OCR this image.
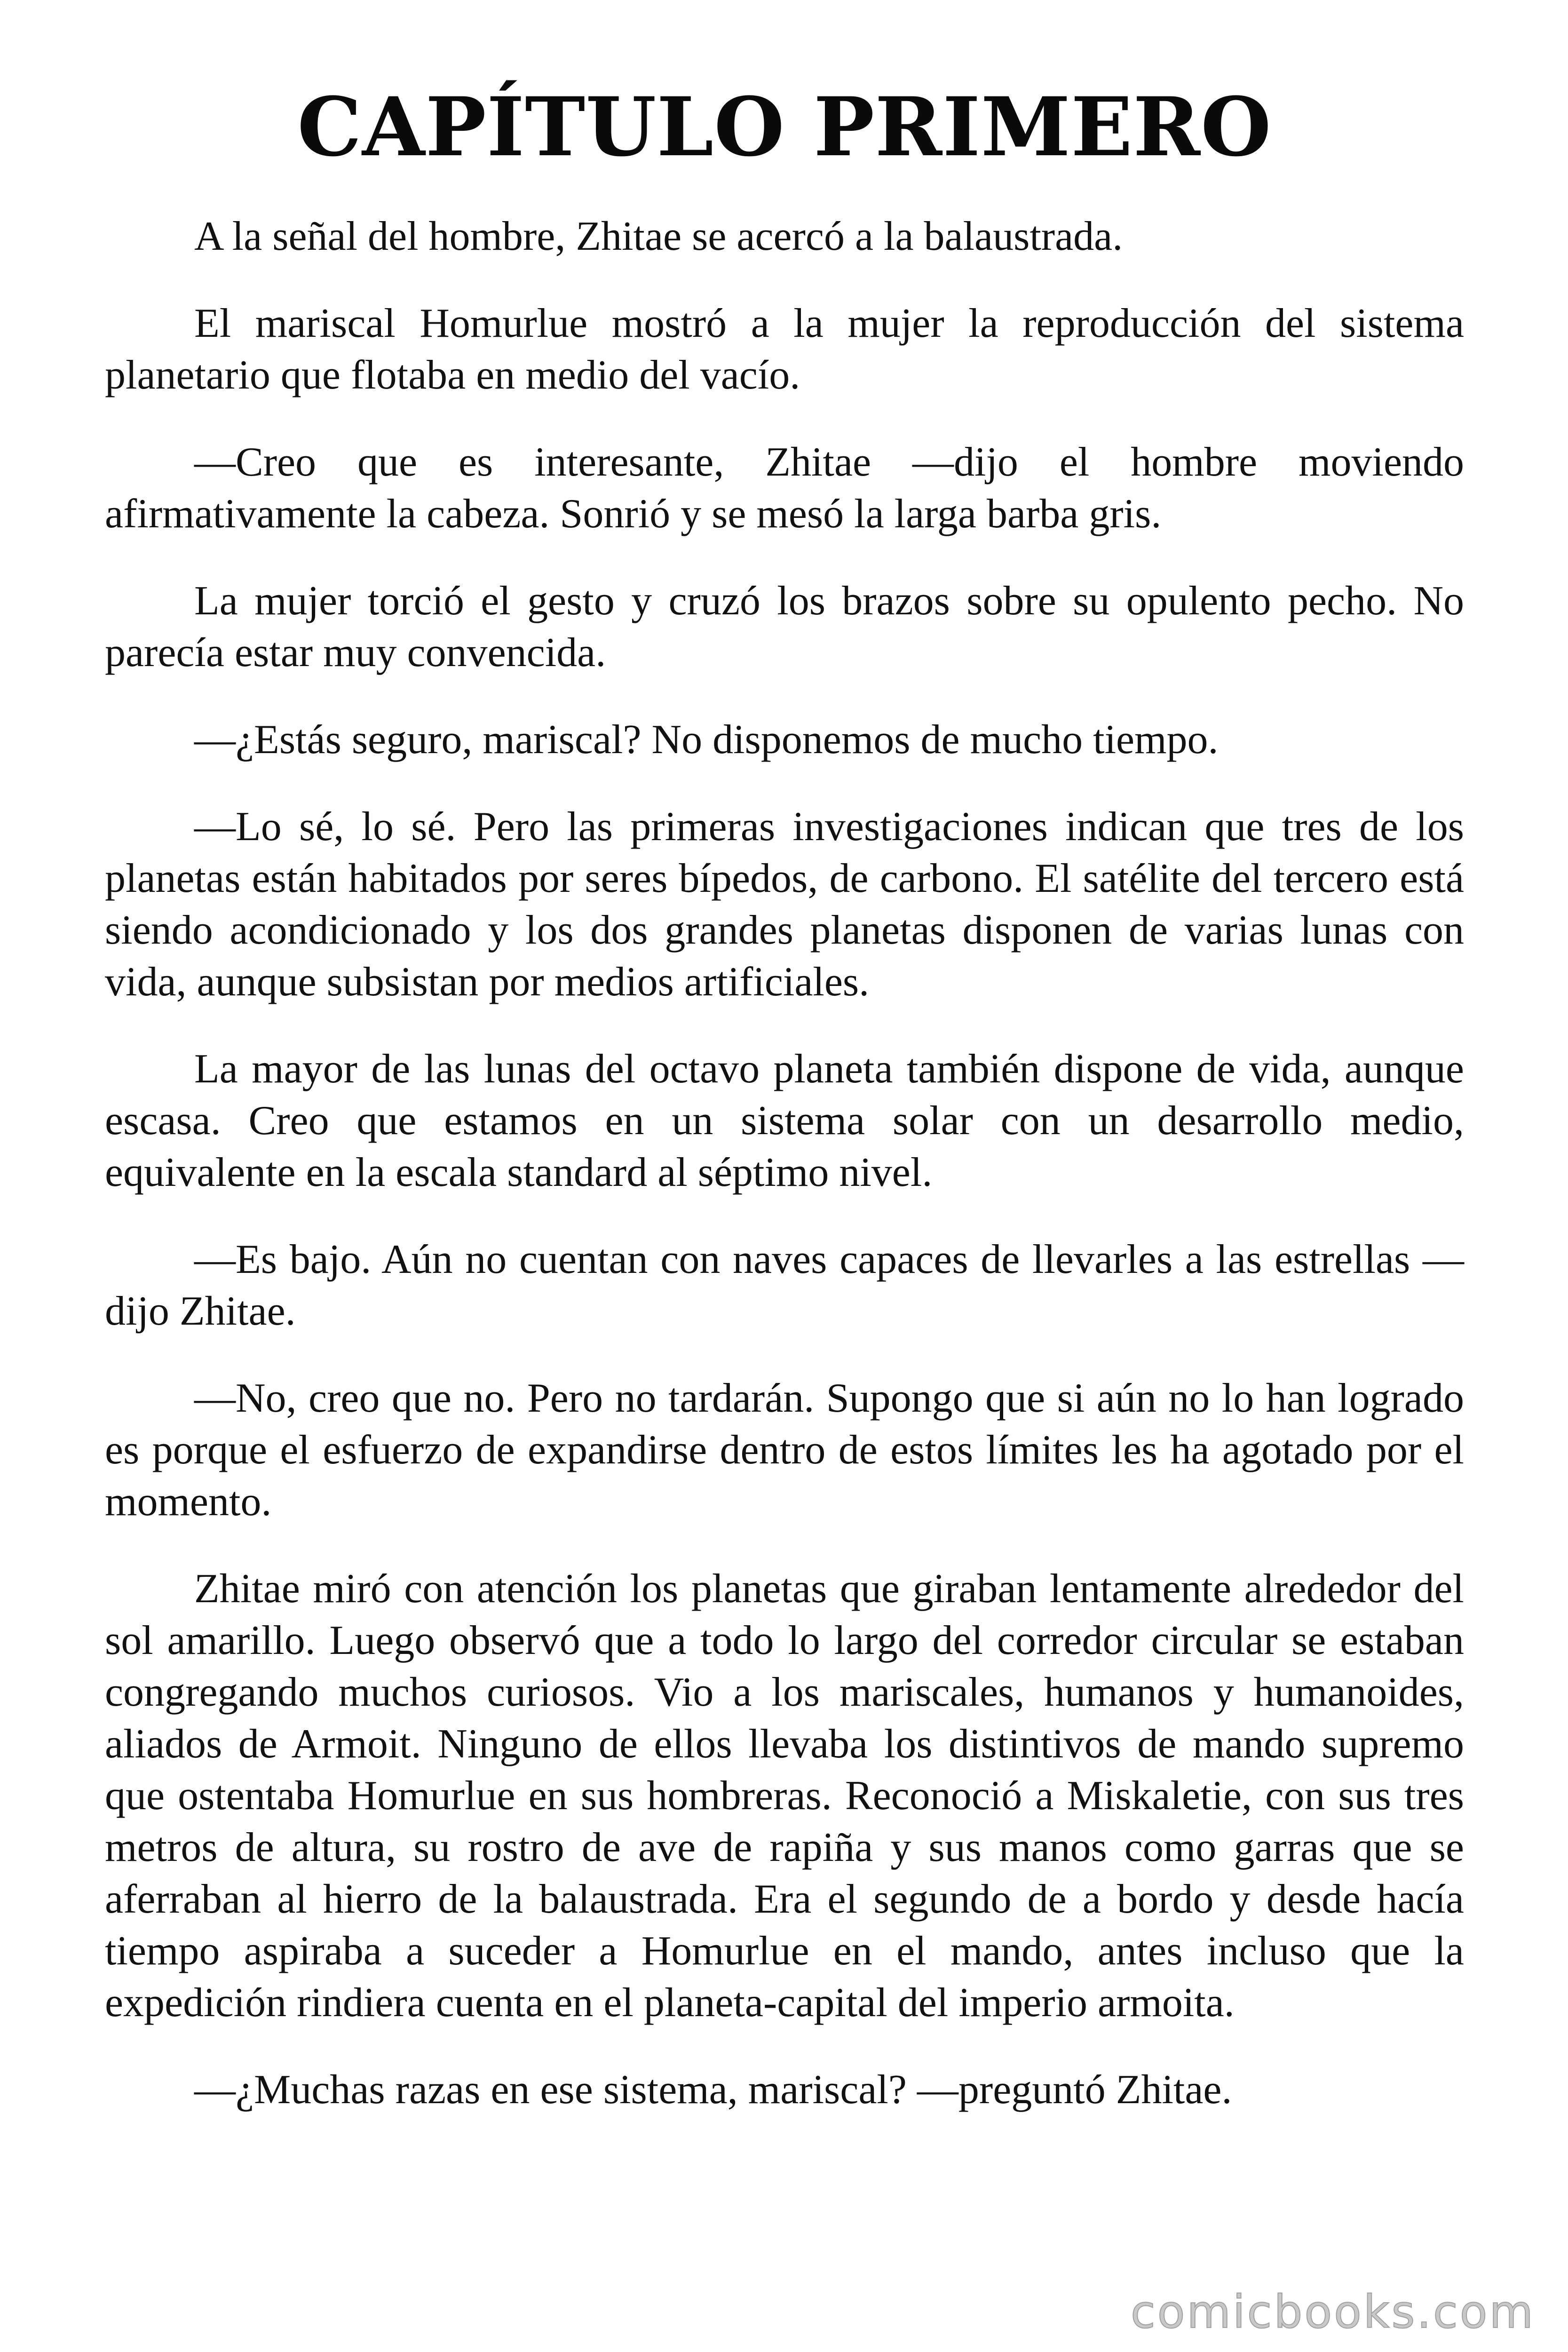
CAPÍTULO PRIMERO

A la señal del hombre, Zhitae se acercó a la balaustrada.

El mariscal Homurlue mostró a la mujer la reproducción del sistema planetario que flotaba en medio del vacío.

—Creo que es interesante, Zhitae —dijo el hombre moviendo afirmativamente la cabeza. Sonrió y se mesó la larga barba gris.

La mujer torció el gesto y cruzó los brazos sobre su opulento pecho. No parecía estar muy convencida.

—¿Estás seguro, mariscal? No disponemos de mucho tiempo.

—Lo sé, lo sé. Pero las primeras investigaciones indican que tres de los planetas están habitados por seres bípedos, de carbono. El satélite del tercero está siendo acondicionado y los dos grandes planetas disponen de varias lunas con vida, aunque subsistan por medios artificiales.

La mayor de las lunas del octavo planeta también dispone de vida, aunque escasa. Creo que estamos en un sistema solar con un desarrollo medio, equivalente en la escala standard al séptimo nivel.

—Es bajo. Aún no cuentan con naves capaces de llevarles a las estrellas —dijo Zhitae.

—No, creo que no. Pero no tardarán. Supongo que si aún no lo han logrado es porque el esfuerzo de expandirse dentro de estos límites les ha agotado por el momento.

Zhitae miró con atención los planetas que giraban lentamente alrededor del sol amarillo. Luego observó que a todo lo largo del corredor circular se estaban congregando muchos curiosos. Vio a los mariscales, humanos y humanoides, aliados de Armoit. Ninguno de ellos llevaba los distintivos de mando supremo que ostentaba Homurlue en sus hombreras. Reconoció a Miskaletie, con sus tres metros de altura, su rostro de ave de rapiña y sus manos como garras que se aferraban al hierro de la balaustrada. Era el segundo de a bordo y desde hacía tiempo aspiraba a suceder a Homurlue en el mando, antes incluso que la expedición rindiera cuenta en el planeta-capital del imperio armoita.

—¿Muchas razas en ese sistema, mariscal? —preguntó Zhitae.

comicbooks.com
